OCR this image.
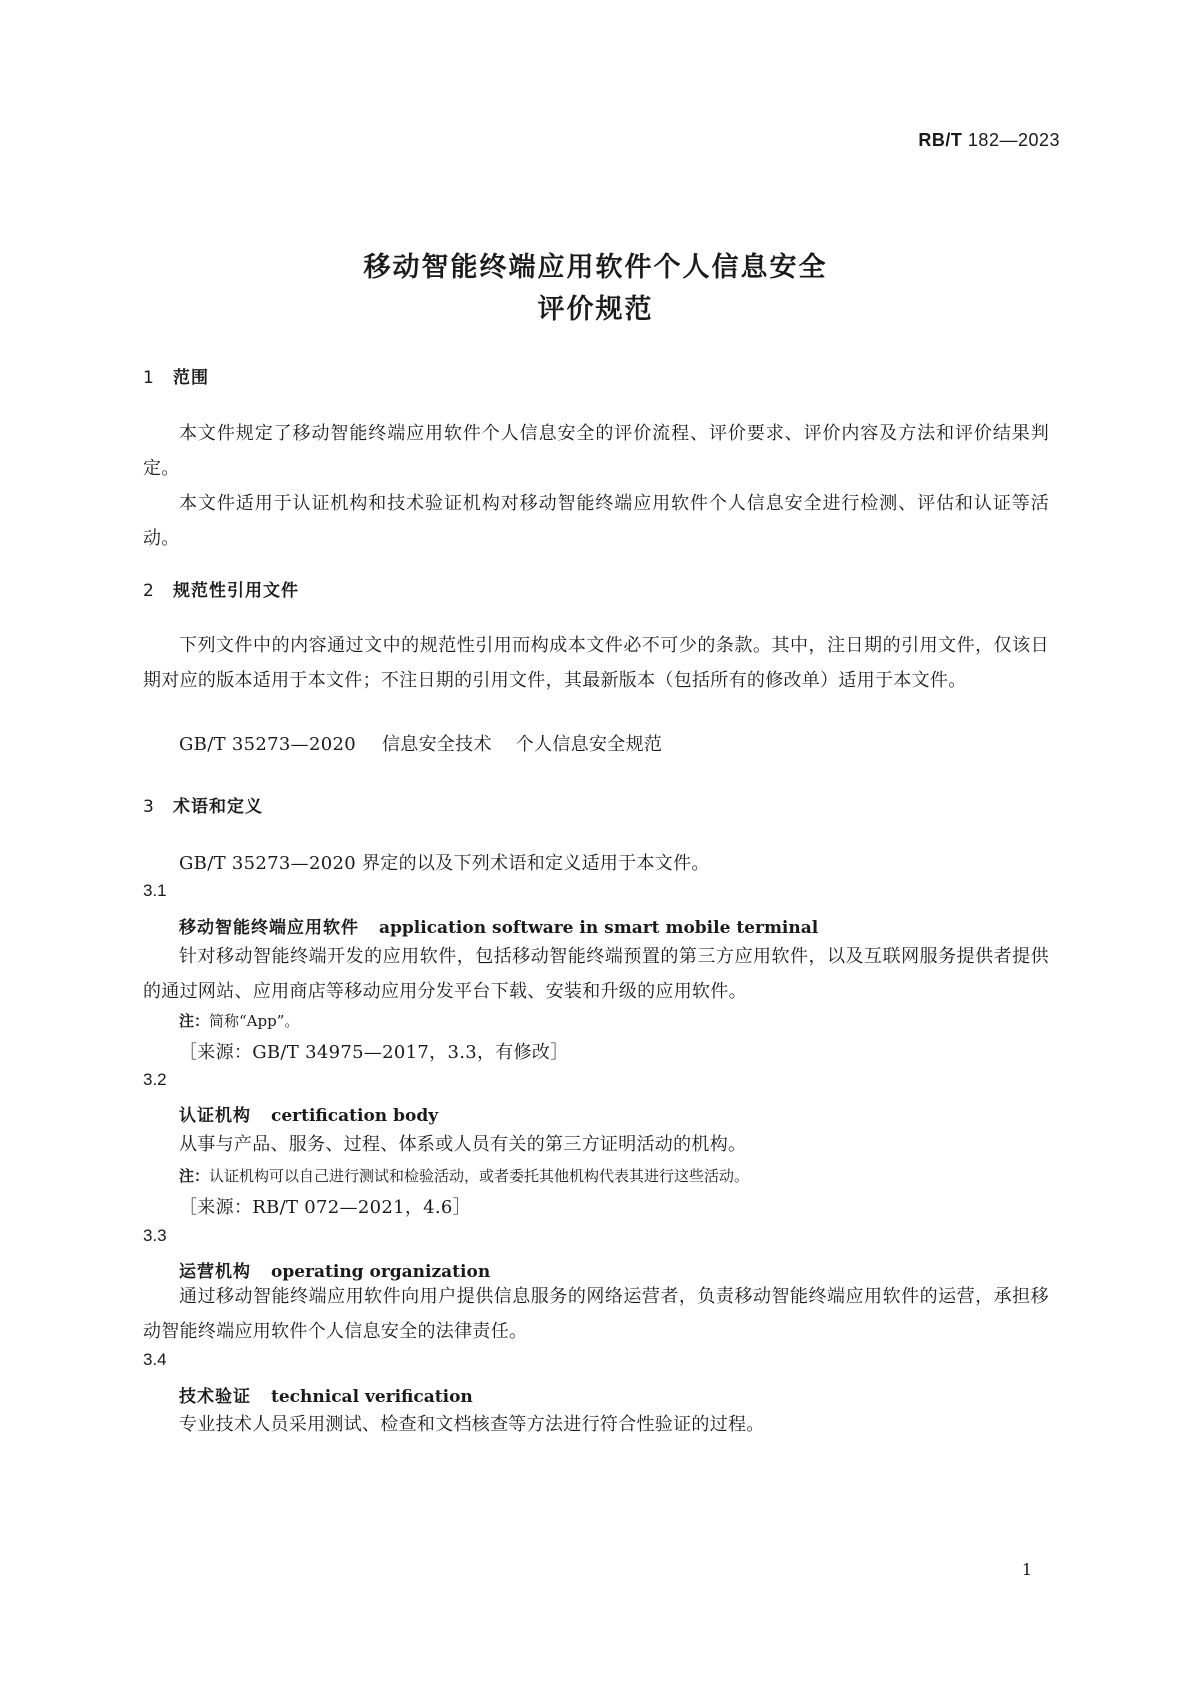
RB/T 182—2023
移动智能终端应用软件个人信息安全
评价规范
1 范围
本文件规定了移动智能终端应用软件个人信息安全的评价流程、评价要求、评价内容及方法和评价结果判定。
本文件适用于认证机构和技术验证机构对移动智能终端应用软件个人信息安全进行检测、评估和认证等活动。
2 规范性引用文件
下列文件中的内容通过文中的规范性引用而构成本文件必不可少的条款。其中，注日期的引用文件，仅该日期对应的版本适用于本文件；不注日期的引用文件，其最新版本（包括所有的修改单）适用于本文件。
GB/T 35273—2020 信息安全技术 个人信息安全规范
3 术语和定义
GB/T 35273—2020 界定的以及下列术语和定义适用于本文件。
3.1
移动智能终端应用软件 application software in smart mobile terminal
针对移动智能终端开发的应用软件，包括移动智能终端预置的第三方应用软件，以及互联网服务提供者提供的通过网站、应用商店等移动应用分发平台下载、安装和升级的应用软件。
注：简称“App”。
［来源：GB/T 34975—2017，3.3，有修改］
3.2
认证机构 certification body
从事与产品、服务、过程、体系或人员有关的第三方证明活动的机构。
注：认证机构可以自己进行测试和检验活动，或者委托其他机构代表其进行这些活动。
［来源：RB/T 072—2021，4.6］
3.3
运营机构 operating organization
通过移动智能终端应用软件向用户提供信息服务的网络运营者，负责移动智能终端应用软件的运营，承担移动智能终端应用软件个人信息安全的法律责任。
3.4
技术验证 technical verification
专业技术人员采用测试、检查和文档核查等方法进行符合性验证的过程。
1
